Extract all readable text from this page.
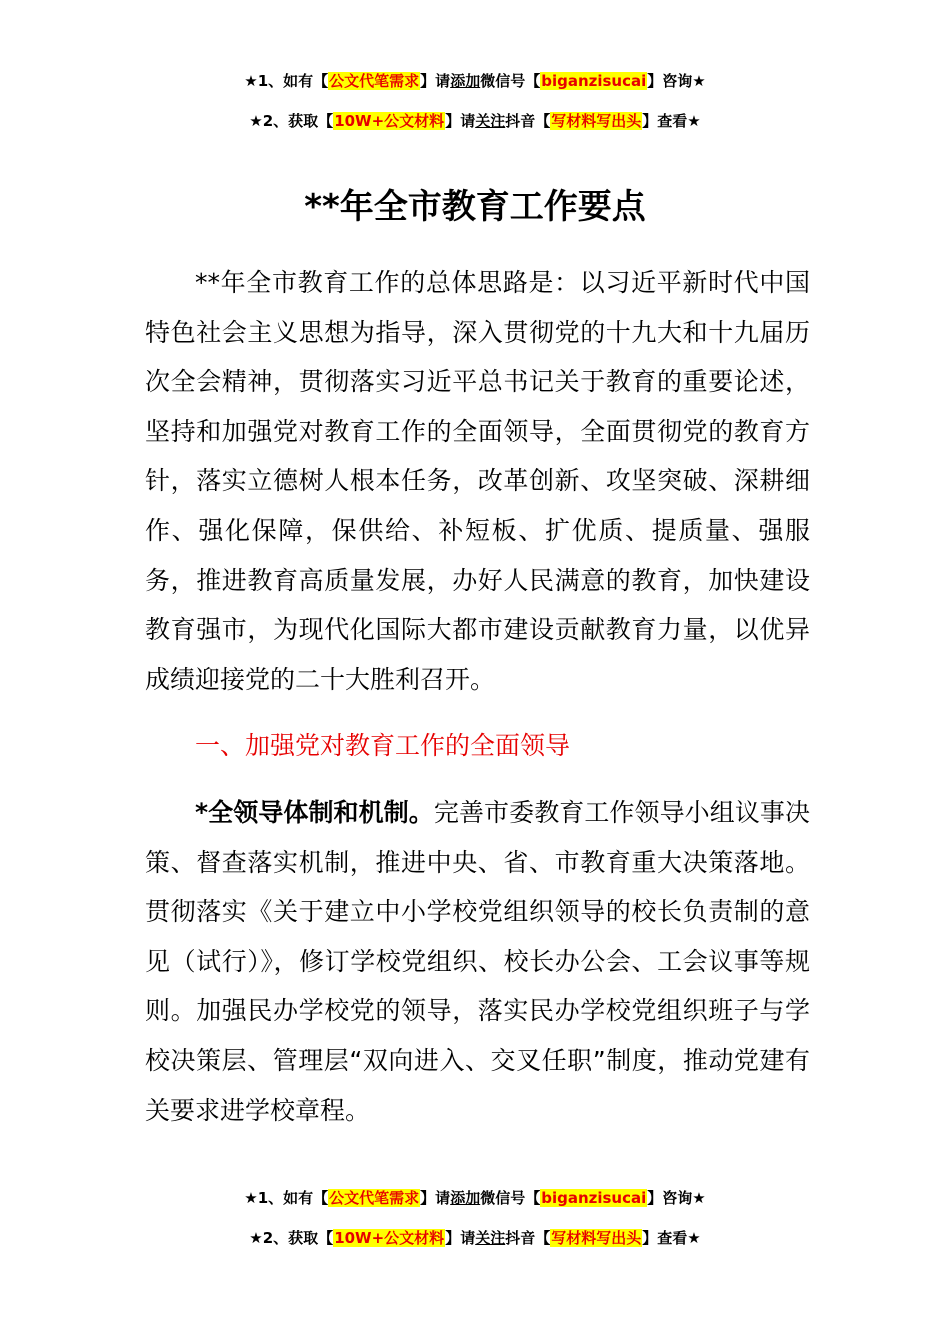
★1、如有【公文代笔需求】请添加微信号【biganzisucai】咨询★
★2、获取【10W+公文材料】请关注抖音【写材料写出头】查看★
**年全市教育工作要点

**年全市教育工作的总体思路是：以习近平新时代中国特色社会主义思想为指导，深入贯彻党的十九大和十九届历次全会精神，贯彻落实习近平总书记关于教育的重要论述，坚持和加强党对教育工作的全面领导，全面贯彻党的教育方针，落实立德树人根本任务，改革创新、攻坚突破、深耕细作、强化保障，保供给、补短板、扩优质、提质量、强服务，推进教育高质量发展，办好人民满意的教育，加快建设教育强市，为现代化国际大都市建设贡献教育力量，以优异成绩迎接党的二十大胜利召开。

一、加强党对教育工作的全面领导

*全领导体制和机制。完善市委教育工作领导小组议事决策、督查落实机制，推进中央、省、市教育重大决策落地。贯彻落实《关于建立中小学校党组织领导的校长负责制的意见（试行）》，修订学校党组织、校长办公会、工会议事等规则。加强民办学校党的领导，落实民办学校党组织班子与学校决策层、管理层“双向进入、交叉任职”制度，推动党建有关要求进学校章程。

★1、如有【公文代笔需求】请添加微信号【biganzisucai】咨询★
★2、获取【10W+公文材料】请关注抖音【写材料写出头】查看★
